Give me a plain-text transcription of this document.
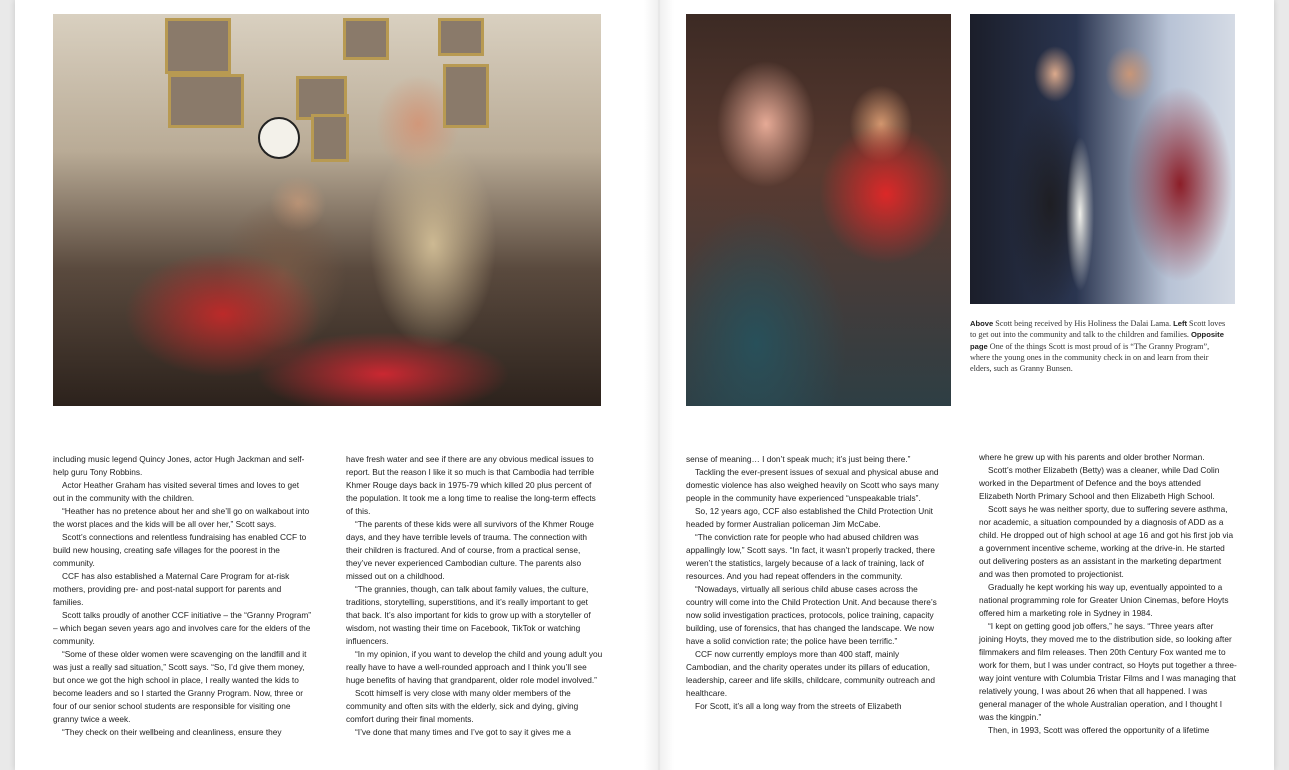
Above Scott being received by His Holiness the Dalai Lama. Left Scott loves to get out into the community and talk to the children and families. Opposite page One of the things Scott is most proud of is “The Granny Program”, where the young ones in the community check in on and learn from their elders, such as Granny Bunsen.

including music legend Quincy Jones, actor Hugh Jackman and self-help guru Tony Robbins.

Actor Heather Graham has visited several times and loves to get out in the community with the children.

“Heather has no pretence about her and she’ll go on walkabout into the worst places and the kids will be all over her,” Scott says.

Scott’s connections and relentless fundraising has enabled CCF to build new housing, creating safe villages for the poorest in the community.

CCF has also established a Maternal Care Program for at-risk mothers, providing pre- and post-natal support for parents and families.

Scott talks proudly of another CCF initiative – the “Granny Program” – which began seven years ago and involves care for the elders of the community.

“Some of these older women were scavenging on the landfill and it was just a really sad situation,” Scott says. “So, I’d give them money, but once we got the high school in place, I really wanted the kids to become leaders and so I started the Granny Program. Now, three or four of our senior school students are responsible for visiting one granny twice a week.

“They check on their wellbeing and cleanliness, ensure they

have fresh water and see if there are any obvious medical issues to report. But the reason I like it so much is that Cambodia had terrible Khmer Rouge days back in 1975-79 which killed 20 plus percent of the population. It took me a long time to realise the long-term effects of this.

“The parents of these kids were all survivors of the Khmer Rouge days, and they have terrible levels of trauma. The connection with their children is fractured. And of course, from a practical sense, they’ve never experienced Cambodian culture. The parents also missed out on a childhood.

“The grannies, though, can talk about family values, the culture, traditions, storytelling, superstitions, and it’s really important to get that back. It’s also important for kids to grow up with a storyteller of wisdom, not wasting their time on Facebook, TikTok or watching influencers.

“In my opinion, if you want to develop the child and young adult you really have to have a well-rounded approach and I think you’ll see huge benefits of having that grandparent, older role model involved.”

Scott himself is very close with many older members of the community and often sits with the elderly, sick and dying, giving comfort during their final moments.

“I’ve done that many times and I’ve got to say it gives me a

sense of meaning… I don’t speak much; it’s just being there.”

Tackling the ever-present issues of sexual and physical abuse and domestic violence has also weighed heavily on Scott who says many people in the community have experienced “unspeakable trials”.

So, 12 years ago, CCF also established the Child Protection Unit headed by former Australian policeman Jim McCabe.

“The conviction rate for people who had abused children was appallingly low,” Scott says. “In fact, it wasn’t properly tracked, there weren’t the statistics, largely because of a lack of training, lack of resources. And you had repeat offenders in the community.

“Nowadays, virtually all serious child abuse cases across the country will come into the Child Protection Unit. And because there’s now solid investigation practices, protocols, police training, capacity building, use of forensics, that has changed the landscape. We now have a solid conviction rate; the police have been terrific.”

CCF now currently employs more than 400 staff, mainly Cambodian, and the charity operates under its pillars of education, leadership, career and life skills, childcare, community outreach and healthcare.

For Scott, it’s all a long way from the streets of Elizabeth

where he grew up with his parents and older brother Norman.

Scott’s mother Elizabeth (Betty) was a cleaner, while Dad Colin worked in the Department of Defence and the boys attended Elizabeth North Primary School and then Elizabeth High School.

Scott says he was neither sporty, due to suffering severe asthma, nor academic, a situation compounded by a diagnosis of ADD as a child. He dropped out of high school at age 16 and got his first job via a government incentive scheme, working at the drive-in. He started out delivering posters as an assistant in the marketing department and was then promoted to projectionist.

Gradually he kept working his way up, eventually appointed to a national programming role for Greater Union Cinemas, before Hoyts offered him a marketing role in Sydney in 1984.

“I kept on getting good job offers,” he says. “Three years after joining Hoyts, they moved me to the distribution side, so looking after filmmakers and film releases. Then 20th Century Fox wanted me to work for them, but I was under contract, so Hoyts put together a three-way joint venture with Columbia Tristar Films and I was managing that relatively young, I was about 26 when that all happened. I was general manager of the whole Australian operation, and I thought I was the kingpin.”

Then, in 1993, Scott was offered the opportunity of a lifetime
